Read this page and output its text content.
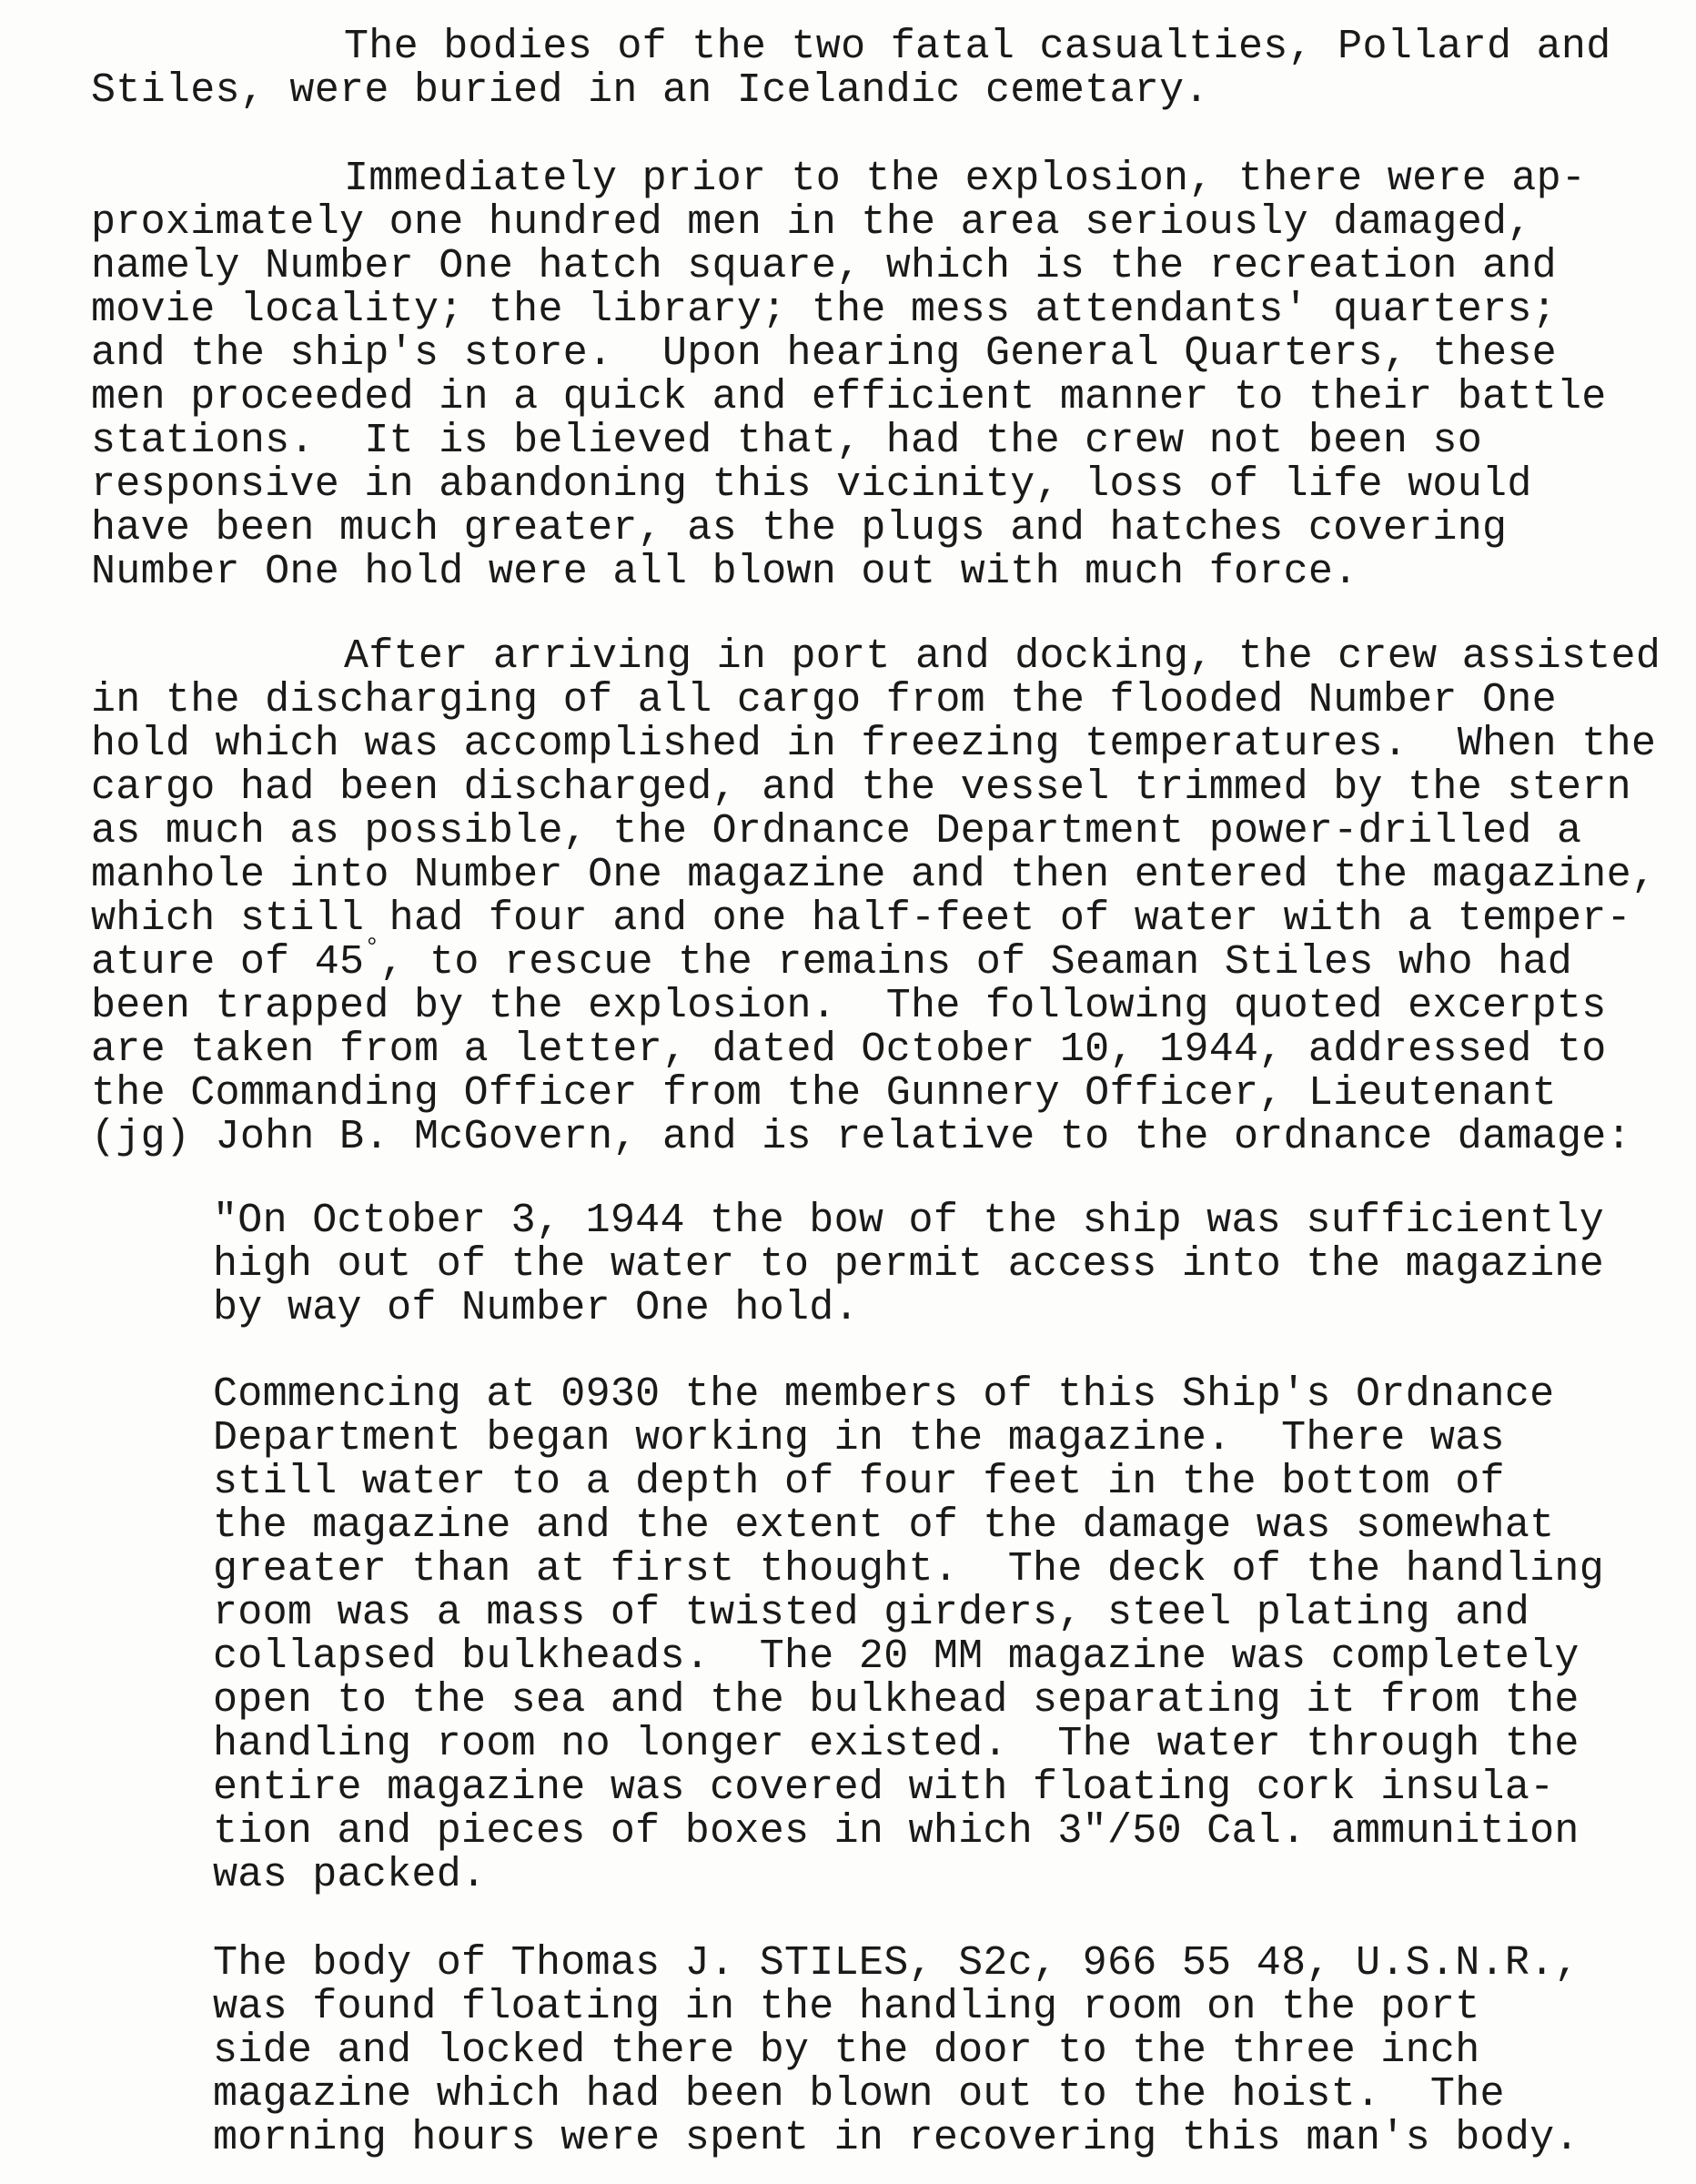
The bodies of the two fatal casualties, Pollard and
Stiles, were buried in an Icelandic cemetary.
Immediately prior to the explosion, there were ap-
proximately one hundred men in the area seriously damaged,
namely Number One hatch square, which is the recreation and
movie locality; the library; the mess attendants' quarters;
and the ship's store.  Upon hearing General Quarters, these
men proceeded in a quick and efficient manner to their battle
stations.  It is believed that, had the crew not been so
responsive in abandoning this vicinity, loss of life would
have been much greater, as the plugs and hatches covering
Number One hold were all blown out with much force.
After arriving in port and docking, the crew assisted
in the discharging of all cargo from the flooded Number One
hold which was accomplished in freezing temperatures.  When the
cargo had been discharged, and the vessel trimmed by the stern
as much as possible, the Ordnance Department power-drilled a
manhole into Number One magazine and then entered the magazine,
which still had four and one half-feet of water with a temper-
ature of 45°, to rescue the remains of Seaman Stiles who had
been trapped by the explosion.  The following quoted excerpts
are taken from a letter, dated October 10, 1944, addressed to
the Commanding Officer from the Gunnery Officer, Lieutenant
(jg) John B. McGovern, and is relative to the ordnance damage:
"On October 3, 1944 the bow of the ship was sufficiently
high out of the water to permit access into the magazine
by way of Number One hold.
Commencing at 0930 the members of this Ship's Ordnance
Department began working in the magazine.  There was
still water to a depth of four feet in the bottom of
the magazine and the extent of the damage was somewhat
greater than at first thought.  The deck of the handling
room was a mass of twisted girders, steel plating and
collapsed bulkheads.  The 20 MM magazine was completely
open to the sea and the bulkhead separating it from the
handling room no longer existed.  The water through the
entire magazine was covered with floating cork insula-
tion and pieces of boxes in which 3"/50 Cal. ammunition
was packed.
The body of Thomas J. STILES, S2c, 966 55 48, U.S.N.R.,
was found floating in the handling room on the port
side and locked there by the door to the three inch
magazine which had been blown out to the hoist.  The
morning hours were spent in recovering this man's body.
